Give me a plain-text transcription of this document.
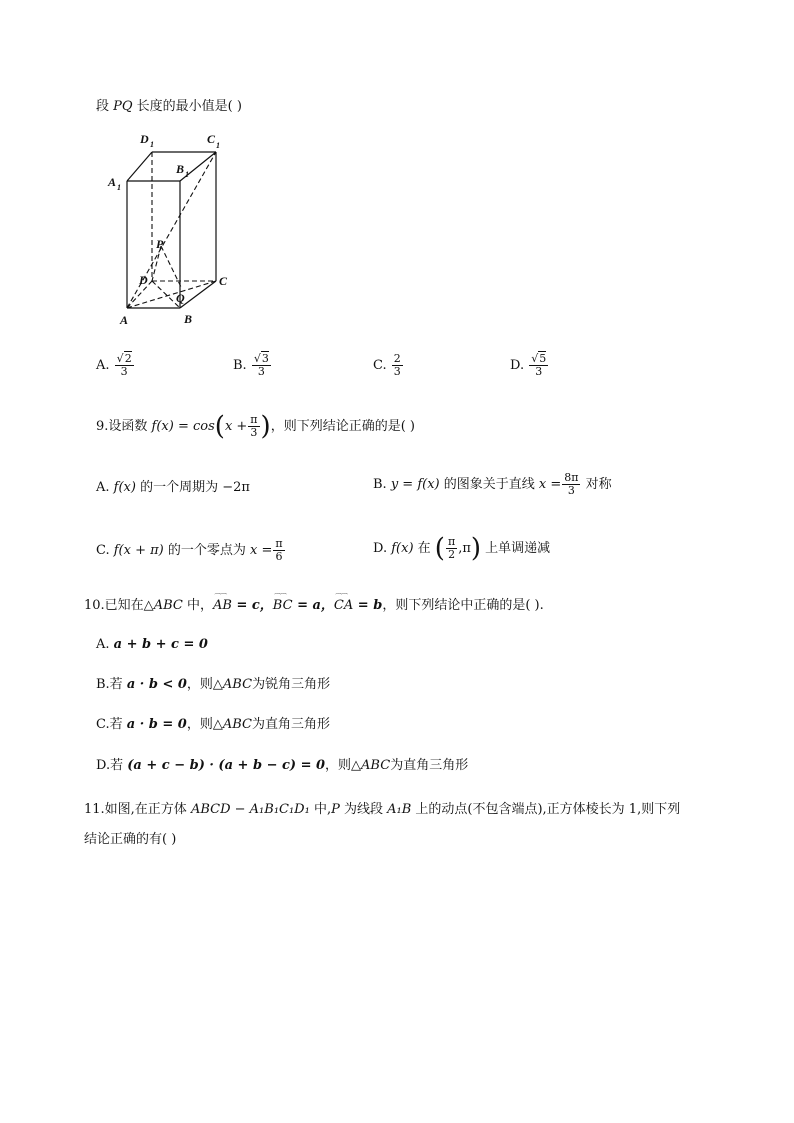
段 PQ 长度的最小值是( )
D 1	C 1
B 1
A 1
P
D	C
Q
A	B
A. $\frac{√2}{3}$	B. $\frac{√3}{3}$	C. $\frac{2}{3}$	D. $\frac{√5}{3}$
9.设函数 $f(x) = \cos(x + \frac{\pi}{3}$ )，则下列结论正确的是( )
A. f(x) 的一个周期为 −2π	B. y = f(x) 的图象关于直线 $x = \frac{8\pi}{3}$ 对称
C. f(x + π) 的一个零点为 $x = \frac{\pi}{6}$	D. f(x) 在 ( $\frac{\pi}{2} ,\pi$) 上单调递减
10.已知在△ABC 中，⌒⌒ AB = c，⌒⌒ BC = a，⌒⌒ CA = b，则下列结论中正确的是( ).
A. a + b + c = 0
B.若 a · b < 0，则△ABC为锐角三角形
C.若 a · b = 0，则△ABC为直角三角形
D.若 (a + c − b) · (a + b − c) = 0，则△ABC为直角三角形
11.如图,在正方体 ABCD − A₁B₁C₁D₁ 中,P 为线段 A₁B 上的动点(不包含端点),正方体棱长为 1,则下列
结论正确的有( )
